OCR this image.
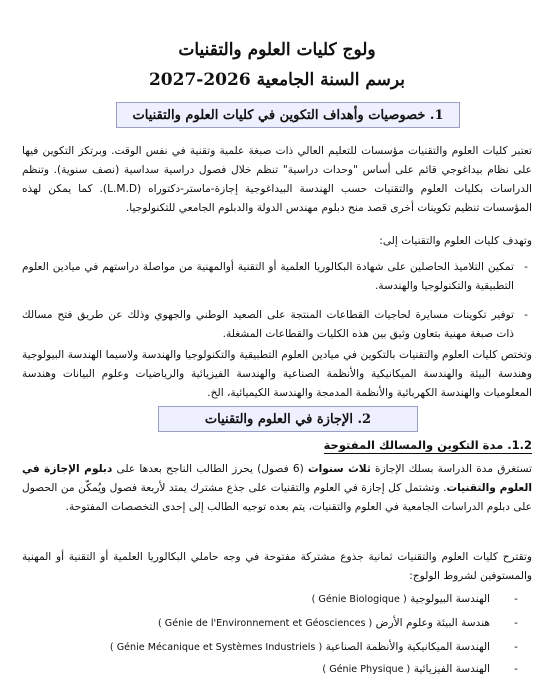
ولوج كليات العلوم والتقنيات
برسم السنة الجامعية 2026-2027
1. خصوصيات وأهداف التكوين في كليات العلوم والتقنيات
تعتبر كليات العلوم والتقنيات مؤسسات للتعليم العالي ذات صبغة علمية وتقنية في نفس الوقت. وبرتكز التكوين فيها على نظام بيداغوجي قائم على أساس "وحدات دراسية" تنظم خلال فصول دراسية سداسية (نصف سنوية). وتنظم الدراسات بكليات العلوم والتقنيات حسب الهندسة البيداغوجية إجازة-ماستر-دكتوراه (L.M.D). كما يمكن لهذه المؤسسات تنظيم تكوينات أخرى قصد منح دبلوم مهندس الدولة والدبلوم الجامعي للتكنولوجيا.
وتهدف كليات العلوم والتقنيات إلى:
-
تمكين التلاميذ الحاصلين على شهادة البكالوريا العلمية أو التقنية أوالمهنية من مواصلة دراستهم في ميادين العلوم التطبيقية والتكنولوجيا والهندسة.
-
توفير تكوينات مسايرة لحاجيات القطاعات المنتجة على الصعيد الوطني والجهوي وذلك عن طريق فتح مسالك ذات صبغة مهنية بتعاون وثيق بين هذه الكليات والقطاعات المشغلة.
وتختص كليات العلوم والتقنيات بالتكوين في ميادين العلوم التطبيقية والتكنولوجيا والهندسة ولاسيما الهندسة البيولوجية وهندسة البيئة والهندسة الميكانيكية والأنظمة الصناعية والهندسة الفيزيائية والرياضيات وعلوم البيانات وهندسة المعلوميات والهندسة الكهربائية والأنظمة المدمجة والهندسة الكيميائية، الخ.
2. الإجازة في العلوم والتقنيات
1.2. مدة التكوين والمسالك المفتوحة
تستغرق مدة الدراسة بسلك الإجازة ثلاث سنوات (6 فصول) يحرز الطالب الناجح بعدها على دبلوم الإجازة في العلوم والتقنيات. وتشتمل كل إجازة في العلوم والتقنيات على جذع مشترك يمتد لأربعة فصول ويُمكّن من الحصول على دبلوم الدراسات الجامعية في العلوم والتقنيات، يتم بعده توجيه الطالب إلى إحدى التخصصات المفتوحة.
وتقترح كليات العلوم والتقنيات ثمانية جذوع مشتركة مفتوحة في وجه حاملي البكالوريا العلمية أو التقنية أو المهنية والمستوفين لشروط الولوج:
-
الهندسة البيولوجية ( Génie Biologique )
-
هندسة البيئة وعلوم الأرض ( Génie de l'Environnement et Géosciences )
-
الهندسة الميكانيكية والأنظمة الصناعية ( Génie Mécanique et Systèmes Industriels )
-
الهندسة الفيزيائية ( Génie Physique )
